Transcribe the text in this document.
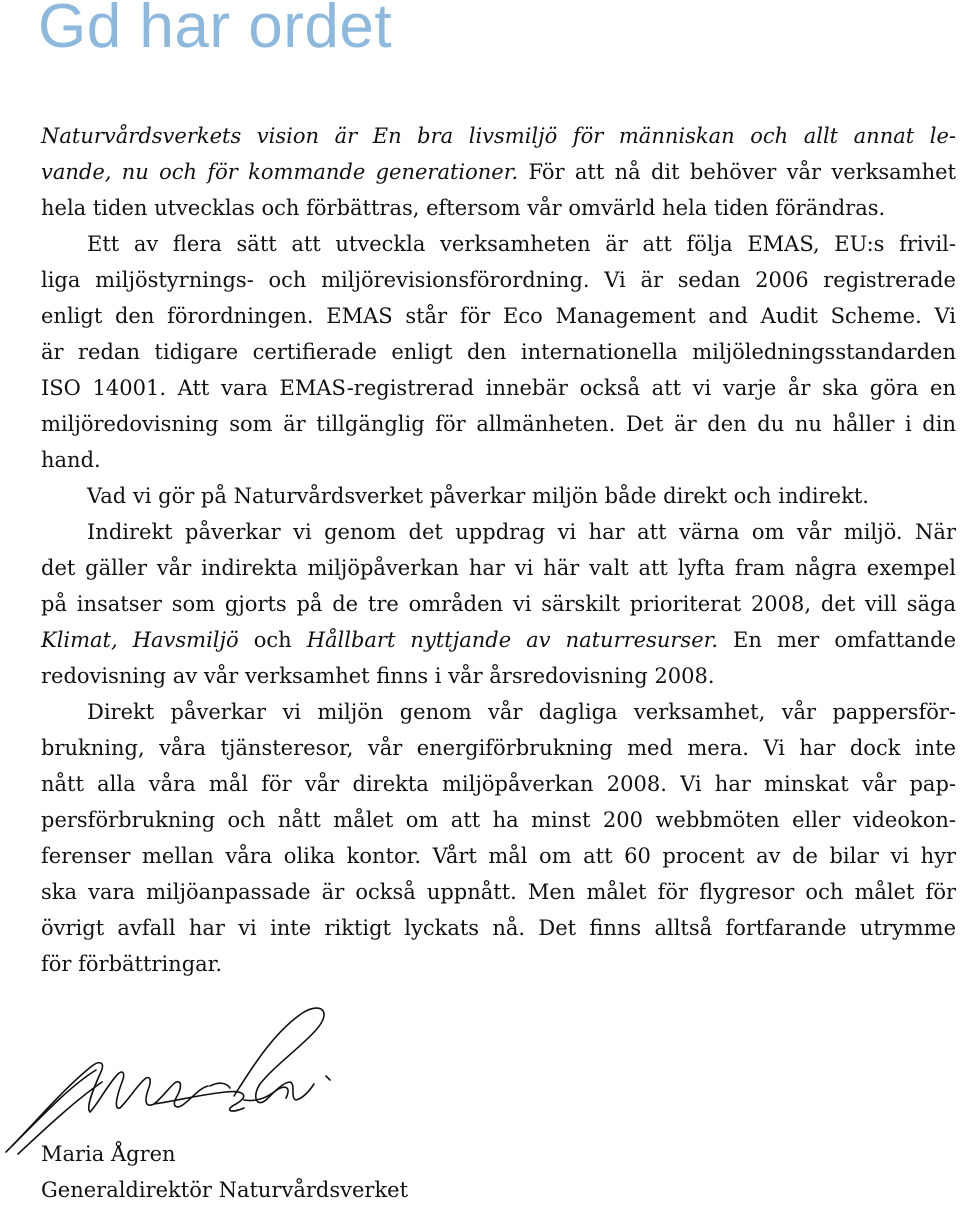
Gd har ordet
Naturvårdsverkets vision är En bra livsmiljö för människan och allt annat le-
vande, nu och för kommande generationer. För att nå dit behöver vår verksamhet
hela tiden utvecklas och förbättras, eftersom vår omvärld hela tiden förändras.
Ett av flera sätt att utveckla verksamheten är att följa EMAS, EU:s frivil-
liga miljöstyrnings- och miljörevisionsförordning. Vi är sedan 2006 registrerade
enligt den förordningen. EMAS står för Eco Management and Audit Scheme. Vi
är redan tidigare certifierade enligt den internationella miljöledningsstandarden
ISO 14001. Att vara EMAS-registrerad innebär också att vi varje år ska göra en
miljöredovisning som är tillgänglig för allmänheten. Det är den du nu håller i din
hand.
Vad vi gör på Naturvårdsverket påverkar miljön både direkt och indirekt.
Indirekt påverkar vi genom det uppdrag vi har att värna om vår miljö. När
det gäller vår indirekta miljöpåverkan har vi här valt att lyfta fram några exempel
på insatser som gjorts på de tre områden vi särskilt prioriterat 2008, det vill säga
Klimat, Havsmiljö och Hållbart nyttjande av naturresurser. En mer omfattande
redovisning av vår verksamhet finns i vår årsredovisning 2008.
Direkt påverkar vi miljön genom vår dagliga verksamhet, vår pappersför-
brukning, våra tjänsteresor, vår energiförbrukning med mera. Vi har dock inte
nått alla våra mål för vår direkta miljöpåverkan 2008. Vi har minskat vår pap-
persförbrukning och nått målet om att ha minst 200 webbmöten eller videokon-
ferenser mellan våra olika kontor. Vårt mål om att 60 procent av de bilar vi hyr
ska vara miljöanpassade är också uppnått. Men målet för flygresor och målet för
övrigt avfall har vi inte riktigt lyckats nå. Det finns alltså fortfarande utrymme
för förbättringar.
Maria Ågren
Generaldirektör Naturvårdsverket
